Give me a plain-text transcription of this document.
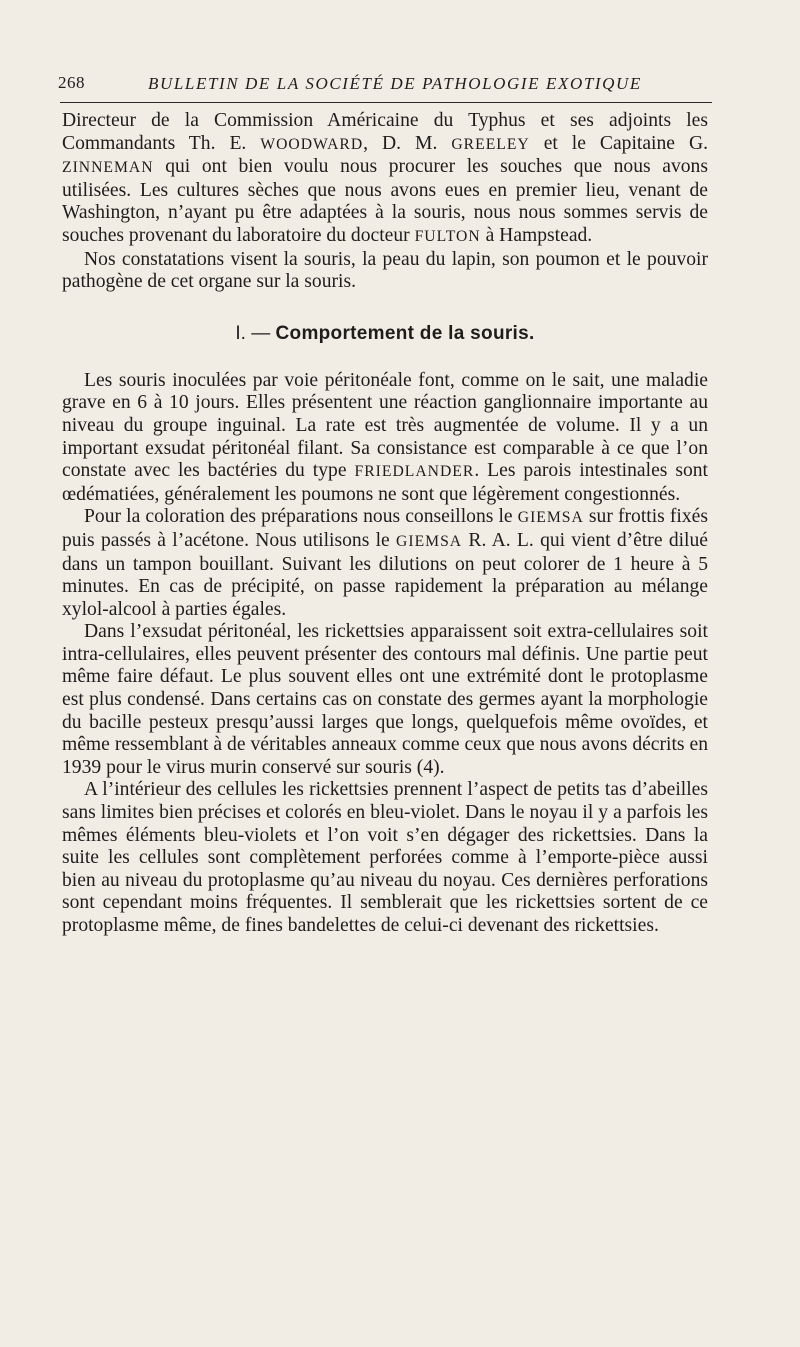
268	BULLETIN DE LA SOCIÉTÉ DE PATHOLOGIE EXOTIQUE

Directeur de la Commission Américaine du Typhus et ses adjoints les Commandants Th. E. WOODWARD, D. M. GREELEY et le Capitaine G. ZINNEMAN qui ont bien voulu nous procurer les souches que nous avons utilisées. Les cultures sèches que nous avons eues en premier lieu, venant de Washington, n’ayant pu être adaptées à la souris, nous nous sommes servis de souches provenant du laboratoire du docteur FULTON à Hampstead.

Nos constatations visent la souris, la peau du lapin, son poumon et le pouvoir pathogène de cet organe sur la souris.

I. — Comportement de la souris.

Les souris inoculées par voie péritonéale font, comme on le sait, une maladie grave en 6 à 10 jours. Elles présentent une réaction ganglionnaire importante au niveau du groupe inguinal. La rate est très augmentée de volume. Il y a un important exsudat péritonéal filant. Sa consistance est comparable à ce que l’on constate avec les bactéries du type FRIEDLANDER. Les parois intestinales sont œdématiées, généralement les poumons ne sont que légèrement congestionnés.

Pour la coloration des préparations nous conseillons le GIEMSA sur frottis fixés puis passés à l’acétone. Nous utilisons le GIEMSA R. A. L. qui vient d’être dilué dans un tampon bouillant. Suivant les dilutions on peut colorer de 1 heure à 5 minutes. En cas de précipité, on passe rapidement la préparation au mélange xylol-alcool à parties égales.

Dans l’exsudat péritonéal, les rickettsies apparaissent soit extra-cellulaires soit intra-cellulaires, elles peuvent présenter des contours mal définis. Une partie peut même faire défaut. Le plus souvent elles ont une extrémité dont le protoplasme est plus condensé. Dans certains cas on constate des germes ayant la morphologie du bacille pesteux presqu’aussi larges que longs, quelquefois même ovoïdes, et même ressemblant à de véritables anneaux comme ceux que nous avons décrits en 1939 pour le virus murin conservé sur souris (4).

A l’intérieur des cellules les rickettsies prennent l’aspect de petits tas d’abeilles sans limites bien précises et colorés en bleu-violet. Dans le noyau il y a parfois les mêmes éléments bleu-violets et l’on voit s’en dégager des rickettsies. Dans la suite les cellules sont complètement perforées comme à l’emporte-pièce aussi bien au niveau du protoplasme qu’au niveau du noyau. Ces dernières perforations sont cependant moins fréquentes. Il semblerait que les rickettsies sortent de ce protoplasme même, de fines bandelettes de celui-ci devenant des rickettsies.
